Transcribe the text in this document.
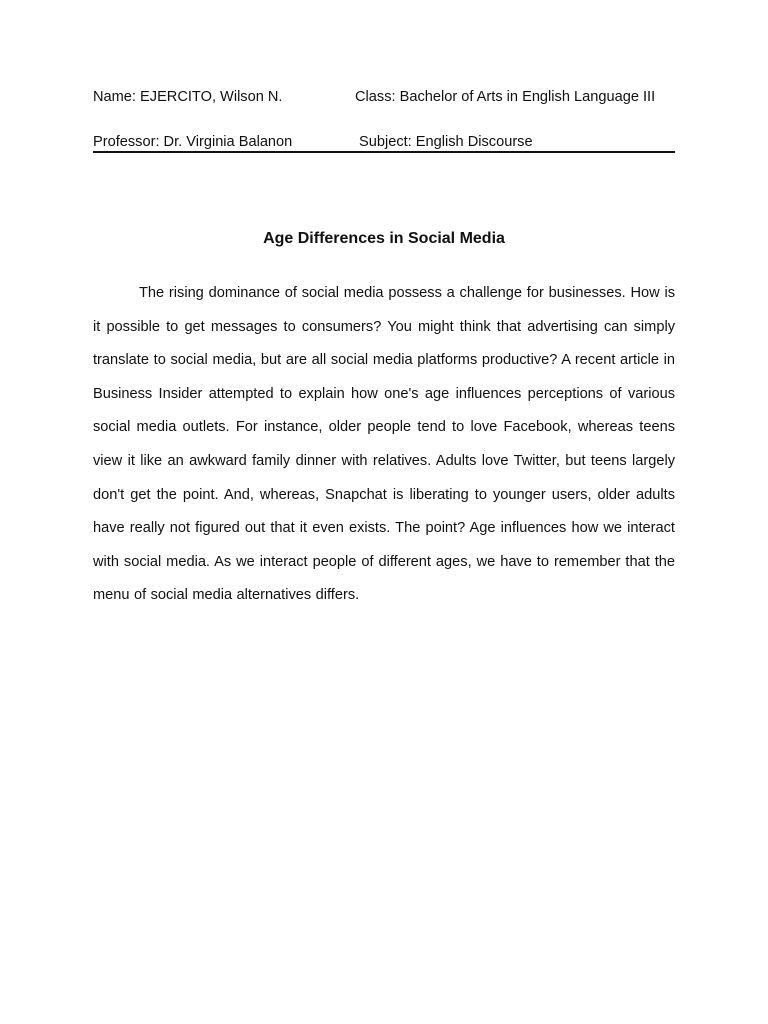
Name: EJERCITO, Wilson N.	Class: Bachelor of Arts in English Language III
Professor: Dr. Virginia Balanon	Subject: English Discourse
Age Differences in Social Media

The rising dominance of social media possess a challenge for businesses. How is it possible to get messages to consumers? You might think that advertising can simply translate to social media, but are all social media platforms productive? A recent article in Business Insider attempted to explain how one's age influences perceptions of various social media outlets. For instance, older people tend to love Facebook, whereas teens view it like an awkward family dinner with relatives. Adults love Twitter, but teens largely don't get the point. And, whereas, Snapchat is liberating to younger users, older adults have really not figured out that it even exists. The point? Age influences how we interact with social media. As we interact people of different ages, we have to remember that the menu of social media alternatives differs.
